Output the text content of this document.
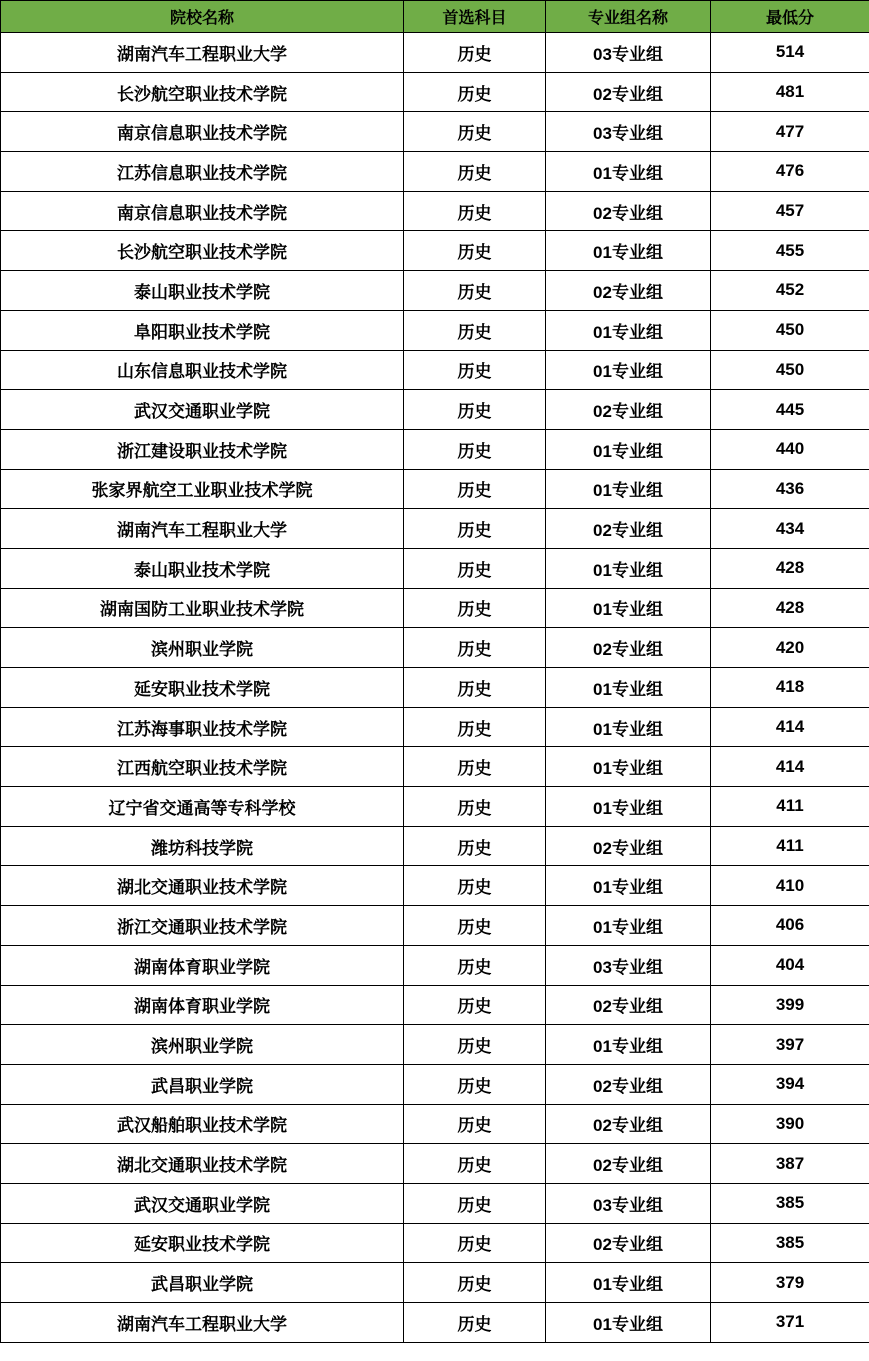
院校名称	首选科目	专业组名称	最低分
湖南汽车工程职业大学	历史	03专业组	514
长沙航空职业技术学院	历史	02专业组	481
南京信息职业技术学院	历史	03专业组	477
江苏信息职业技术学院	历史	01专业组	476
南京信息职业技术学院	历史	02专业组	457
长沙航空职业技术学院	历史	01专业组	455
泰山职业技术学院	历史	02专业组	452
阜阳职业技术学院	历史	01专业组	450
山东信息职业技术学院	历史	01专业组	450
武汉交通职业学院	历史	02专业组	445
浙江建设职业技术学院	历史	01专业组	440
张家界航空工业职业技术学院	历史	01专业组	436
湖南汽车工程职业大学	历史	02专业组	434
泰山职业技术学院	历史	01专业组	428
湖南国防工业职业技术学院	历史	01专业组	428
滨州职业学院	历史	02专业组	420
延安职业技术学院	历史	01专业组	418
江苏海事职业技术学院	历史	01专业组	414
江西航空职业技术学院	历史	01专业组	414
辽宁省交通高等专科学校	历史	01专业组	411
潍坊科技学院	历史	02专业组	411
湖北交通职业技术学院	历史	01专业组	410
浙江交通职业技术学院	历史	01专业组	406
湖南体育职业学院	历史	03专业组	404
湖南体育职业学院	历史	02专业组	399
滨州职业学院	历史	01专业组	397
武昌职业学院	历史	02专业组	394
武汉船舶职业技术学院	历史	02专业组	390
湖北交通职业技术学院	历史	02专业组	387
武汉交通职业学院	历史	03专业组	385
延安职业技术学院	历史	02专业组	385
武昌职业学院	历史	01专业组	379
湖南汽车工程职业大学	历史	01专业组	371
